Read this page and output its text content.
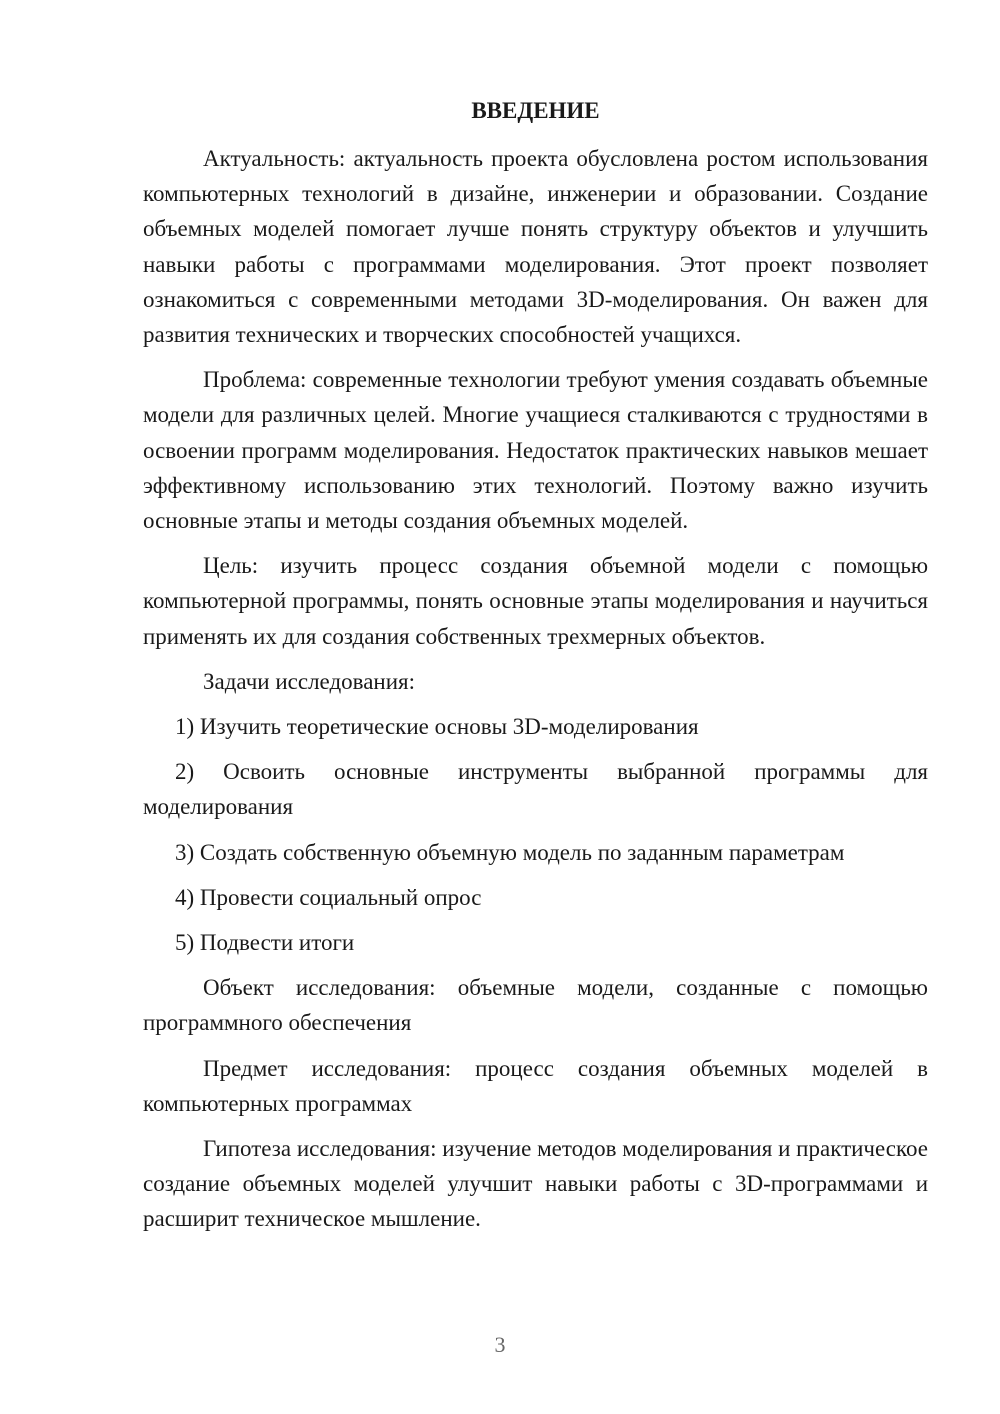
ВВЕДЕНИЕ

Актуальность: актуальность проекта обусловлена ростом использования компьютерных технологий в дизайне, инженерии и образовании. Создание объемных моделей помогает лучше понять структуру объектов и улучшить навыки работы с программами моделирования. Этот проект позволяет ознакомиться с современными методами 3D-моделирования. Он важен для развития технических и творческих способностей учащихся.

Проблема: современные технологии требуют умения создавать объемные модели для различных целей. Многие учащиеся сталкиваются с трудностями в освоении программ моделирования. Недостаток практических навыков мешает эффективному использованию этих технологий. Поэтому важно изучить основные этапы и методы создания объемных моделей.

Цель: изучить процесс создания объемной модели с помощью компьютерной программы, понять основные этапы моделирования и научиться применять их для создания собственных трехмерных объектов.

Задачи исследования:

1) Изучить теоретические основы 3D-моделирования

2) Освоить основные инструменты выбранной программы для моделирования

3) Создать собственную объемную модель по заданным параметрам

4) Провести социальный опрос

5) Подвести итоги

Объект исследования: объемные модели, созданные с помощью программного обеспечения

Предмет исследования: процесс создания объемных моделей в компьютерных программах

Гипотеза исследования: изучение методов моделирования и практическое создание объемных моделей улучшит навыки работы с 3D-программами и расширит техническое мышление.

3
